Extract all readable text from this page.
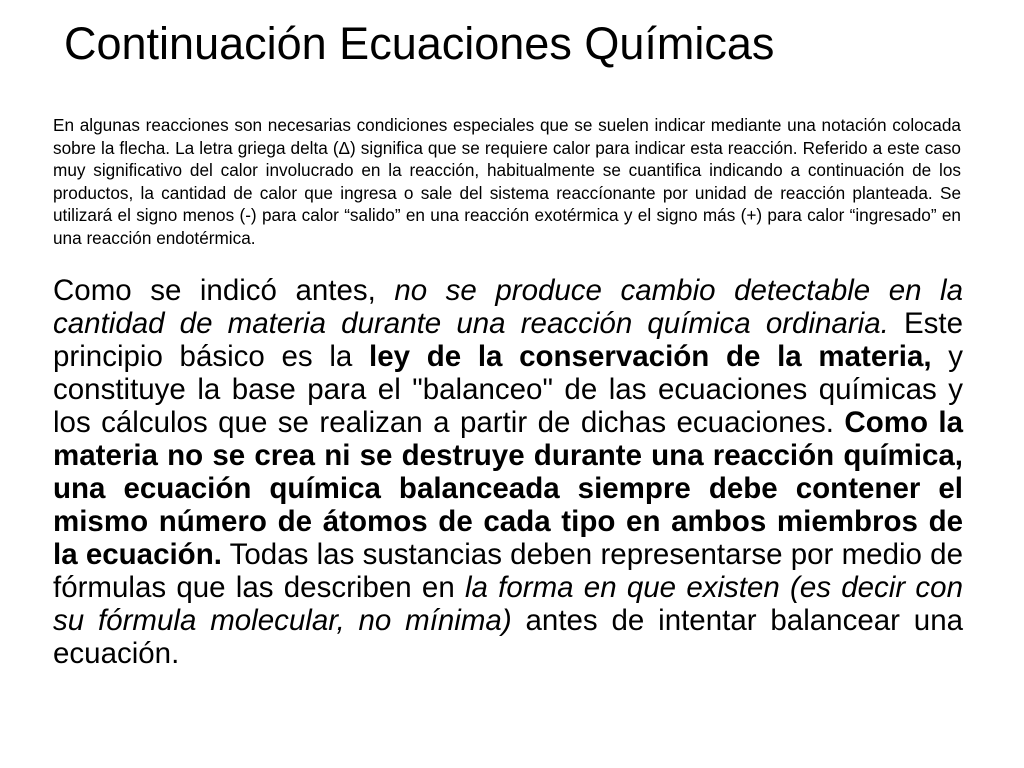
Continuación Ecuaciones Químicas

En algunas reacciones son necesarias condiciones especiales que se suelen indicar mediante una notación colocada sobre la flecha. La letra griega delta (Δ) significa que se requiere calor para indicar esta reacción. Referido a este caso muy significativo del calor involucrado en la reacción, habitualmente se cuantifica indicando a continuación de los productos, la cantidad de calor que ingresa o sale del sistema reaccíonante por unidad de reacción planteada. Se utilizará el signo menos (-) para calor “salido” en una reacción exotérmica y el signo más (+) para calor “ingresado” en una reacción endotérmica.

Como se indicó antes, no se produce cambio detectable en la cantidad de materia durante una reacción química ordinaria. Este principio básico es la ley de la conservación de la materia, y constituye la base para el "balanceo" de las ecuaciones químicas y los cálculos que se realizan a partir de dichas ecuaciones. Como la materia no se crea ni se destruye durante una reacción química, una ecuación química balanceada siempre debe contener el mismo número de átomos de cada tipo en ambos miembros de la ecuación. Todas las sustancias deben representarse por medio de fórmulas que las describen en la forma en que existen (es decir con su fórmula molecular, no mínima) antes de intentar balancear una ecuación.
